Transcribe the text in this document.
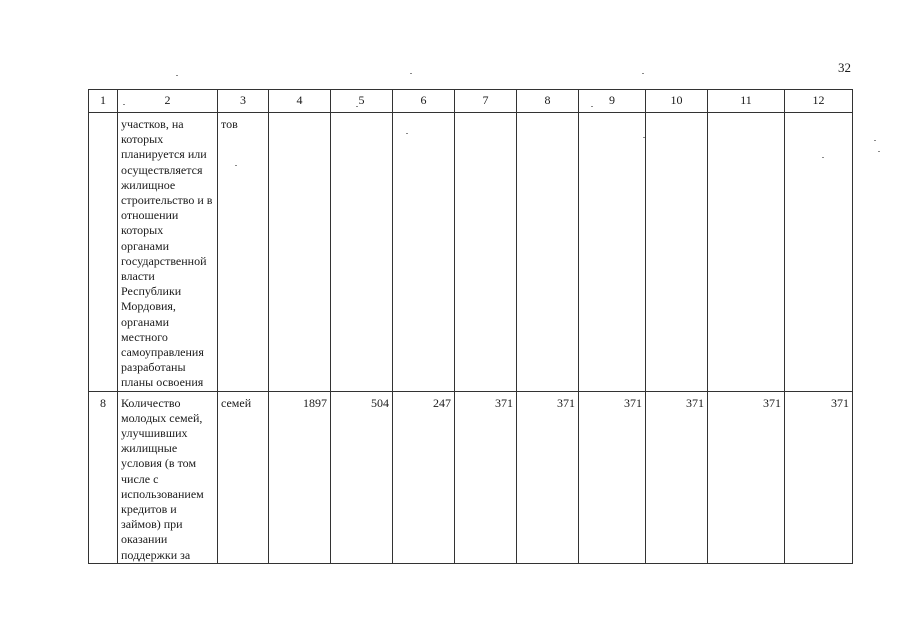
32
1	2	3	4	5	6	7	8	9	10	11	12
	участков, на которых планируется или осуществляется жилищное строительство и в отношении которых органами государственной власти Республики Мордовия, органами местного самоуправления разработаны планы освоения	тов									
8	Количество молодых семей, улучшивших жилищные условия (в том числе с использованием кредитов и займов) при оказании поддержки за	семей	1897	504	247	371	371	371	371	371	371
